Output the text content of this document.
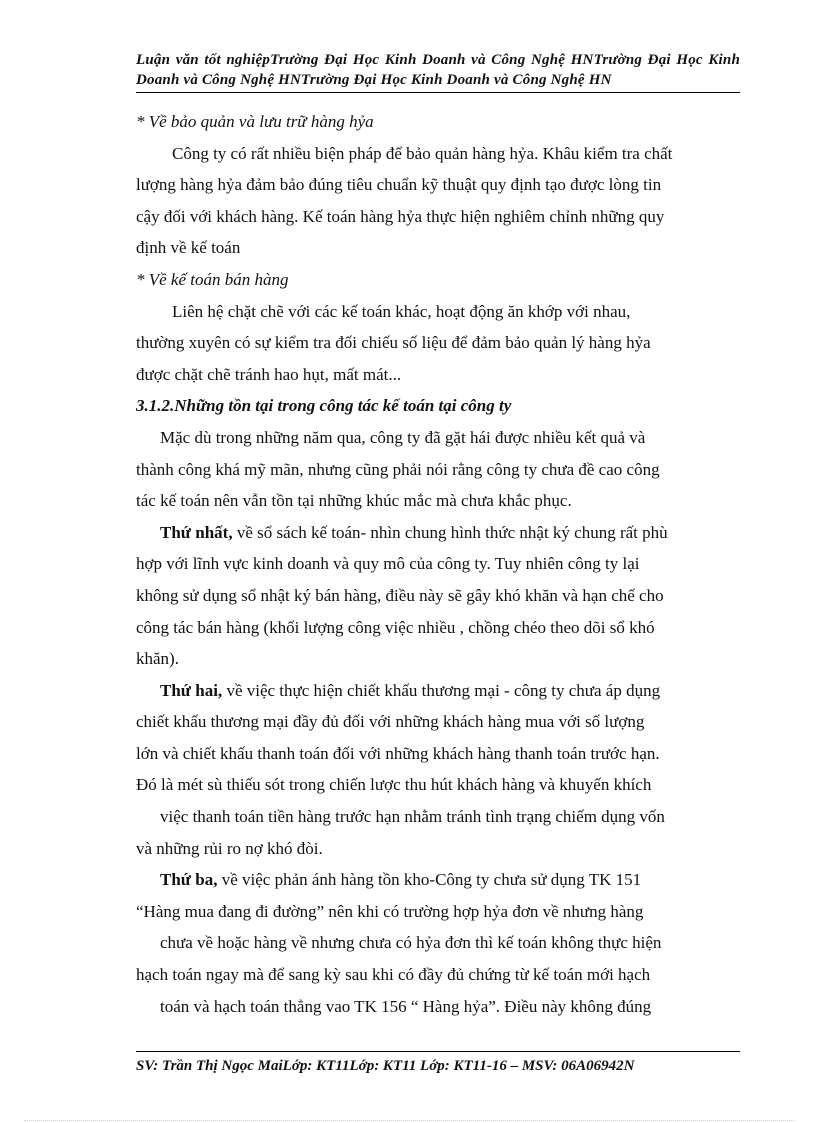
Luận văn tốt nghiệpTrường Đại Học Kinh Doanh và Công Nghệ HNTrường Đại Học Kinh Doanh và Công Nghệ HNTrường Đại Học Kinh Doanh và Công Nghệ HN

* Về bảo quản và lưu trữ hàng hỷa

Công ty có rất nhiều biện pháp để bảo quản hàng hỷa. Khâu kiểm tra chất

lượng hàng hỷa đảm bảo đúng tiêu chuẩn kỹ thuật quy định tạo được lòng tin

cậy đối với khách hàng. Kế toán hàng hỷa thực hiện nghiêm chỉnh những quy

định về kế toán

* Về kế toán bán hàng

Liên hệ chặt chẽ với các kế toán khác, hoạt động ăn khớp với nhau,

thường xuyên có sự kiểm tra đối chiếu số liệu để đảm bảo quản lý hàng hỷa

được chặt chẽ tránh hao hụt, mất mát...

3.1.2.Những tồn tại trong công tác kế toán tại công ty

Mặc dù trong những năm qua, công ty đã gặt hái được nhiều kết quả và

thành công khá mỹ mãn, nhưng cũng phải nói rằng công ty chưa đề cao công

tác kế toán nên vẫn tồn tại những khúc mắc mà chưa khắc phục.

Thứ nhất, về sổ sách kế toán- nhìn chung hình thức nhật ký chung rất phù

hợp với lĩnh vực kinh doanh và quy mô của công ty. Tuy nhiên công ty lại

không sử dụng sổ nhật ký bán hàng, điều này sẽ gây khó khăn và hạn chế cho

công tác bán hàng (khối lượng công việc nhiều , chồng chéo theo dõi sổ khó

khăn).

Thứ hai, về việc thực hiện chiết khấu thương mại - công ty chưa áp dụng

chiết khấu thương mại đầy đủ đối với những khách hàng mua với số lượng

lớn và chiết khấu thanh toán đối với những khách hàng thanh toán trước hạn.

Đó là mét sù thiếu sót trong chiến lược thu hút khách hàng và khuyến khích

việc thanh toán tiền hàng trước hạn nhằm tránh tình trạng chiếm dụng vốn

và những rủi ro nợ khó đòi.

Thứ ba, về việc phản ánh hàng tồn kho-Công ty chưa sử dụng TK 151

“Hàng mua đang đi đường” nên khi có trường hợp hỷa đơn về nhưng hàng

chưa về hoặc hàng về nhưng chưa có hỷa đơn thì kế toán không thực hiện

hạch toán ngay mà để sang kỳ sau khi có đầy đủ chứng từ kế toán mới hạch

toán và hạch toán thẳng vao TK 156 “ Hàng hỷa”. Điều này không đúng

SV: Trần Thị Ngọc MaiLớp: KT11Lớp: KT11 Lớp: KT11-16 – MSV: 06A06942N
